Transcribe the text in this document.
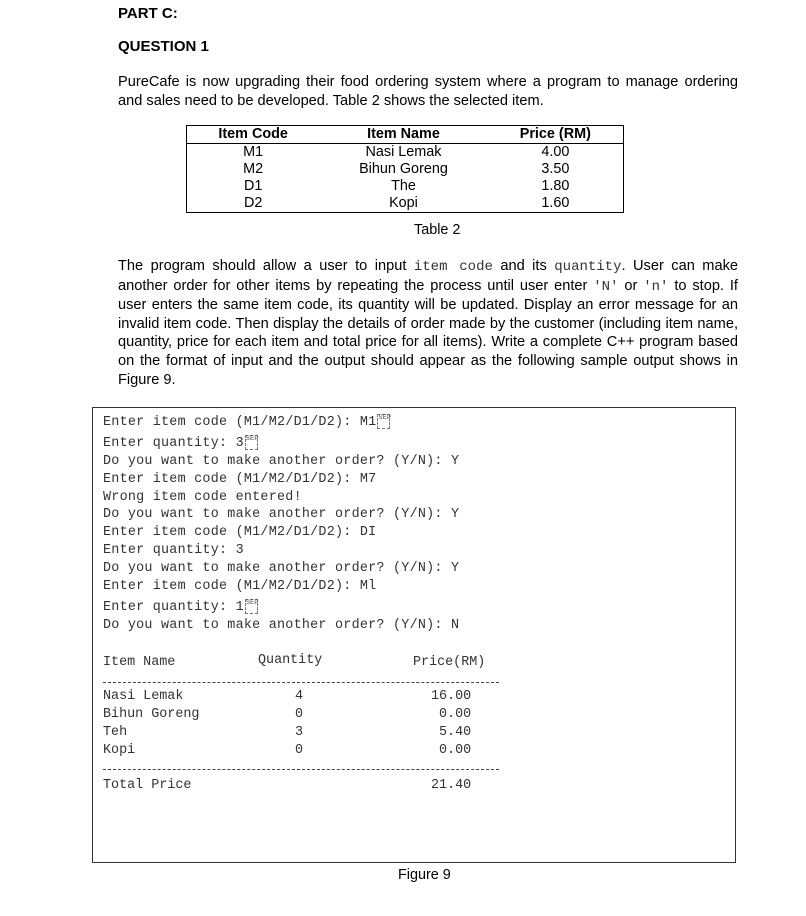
PART C:
QUESTION 1
PureCafe is now upgrading their food ordering system where a program to manage ordering and sales need to be developed. Table 2 shows the selected item.
Item Code	Item Name	Price (RM)
M1	Nasi Lemak	4.00
M2	Bihun Goreng	3.50
D1	The	1.80
D2	Kopi	1.60
Table 2
The program should allow a user to input item code and its quantity. User can make another order for other items by repeating the process until user enter 'N' or 'n' to stop. If user enters the same item code, its quantity will be updated. Display an error message for an invalid item code. Then display the details of order made by the customer (including item name, quantity, price for each item and total price for all items). Write a complete C++ program based on the format of input and the output should appear as the following sample output shows in Figure 9.
Enter item code (M1/M2/D1/D2): M1 SEP
Enter quantity: 3 SEP
Do you want to make another order? (Y/N): Y
Enter item code (M1/M2/D1/D2): M7
Wrong item code entered!
Do you want to make another order? (Y/N): Y
Enter item code (M1/M2/D1/D2): DI
Enter quantity: 3
Do you want to make another order? (Y/N): Y
Enter item code (M1/M2/D1/D2): Ml
Enter quantity: 1 SEP
Do you want to make another order? (Y/N): N
Item Name	Quantity	Price(RM)
Nasi Lemak	4	16.00
Bihun Goreng	0	0.00
Teh	3	5.40
Kopi	0	0.00
Total Price	21.40
Figure 9
